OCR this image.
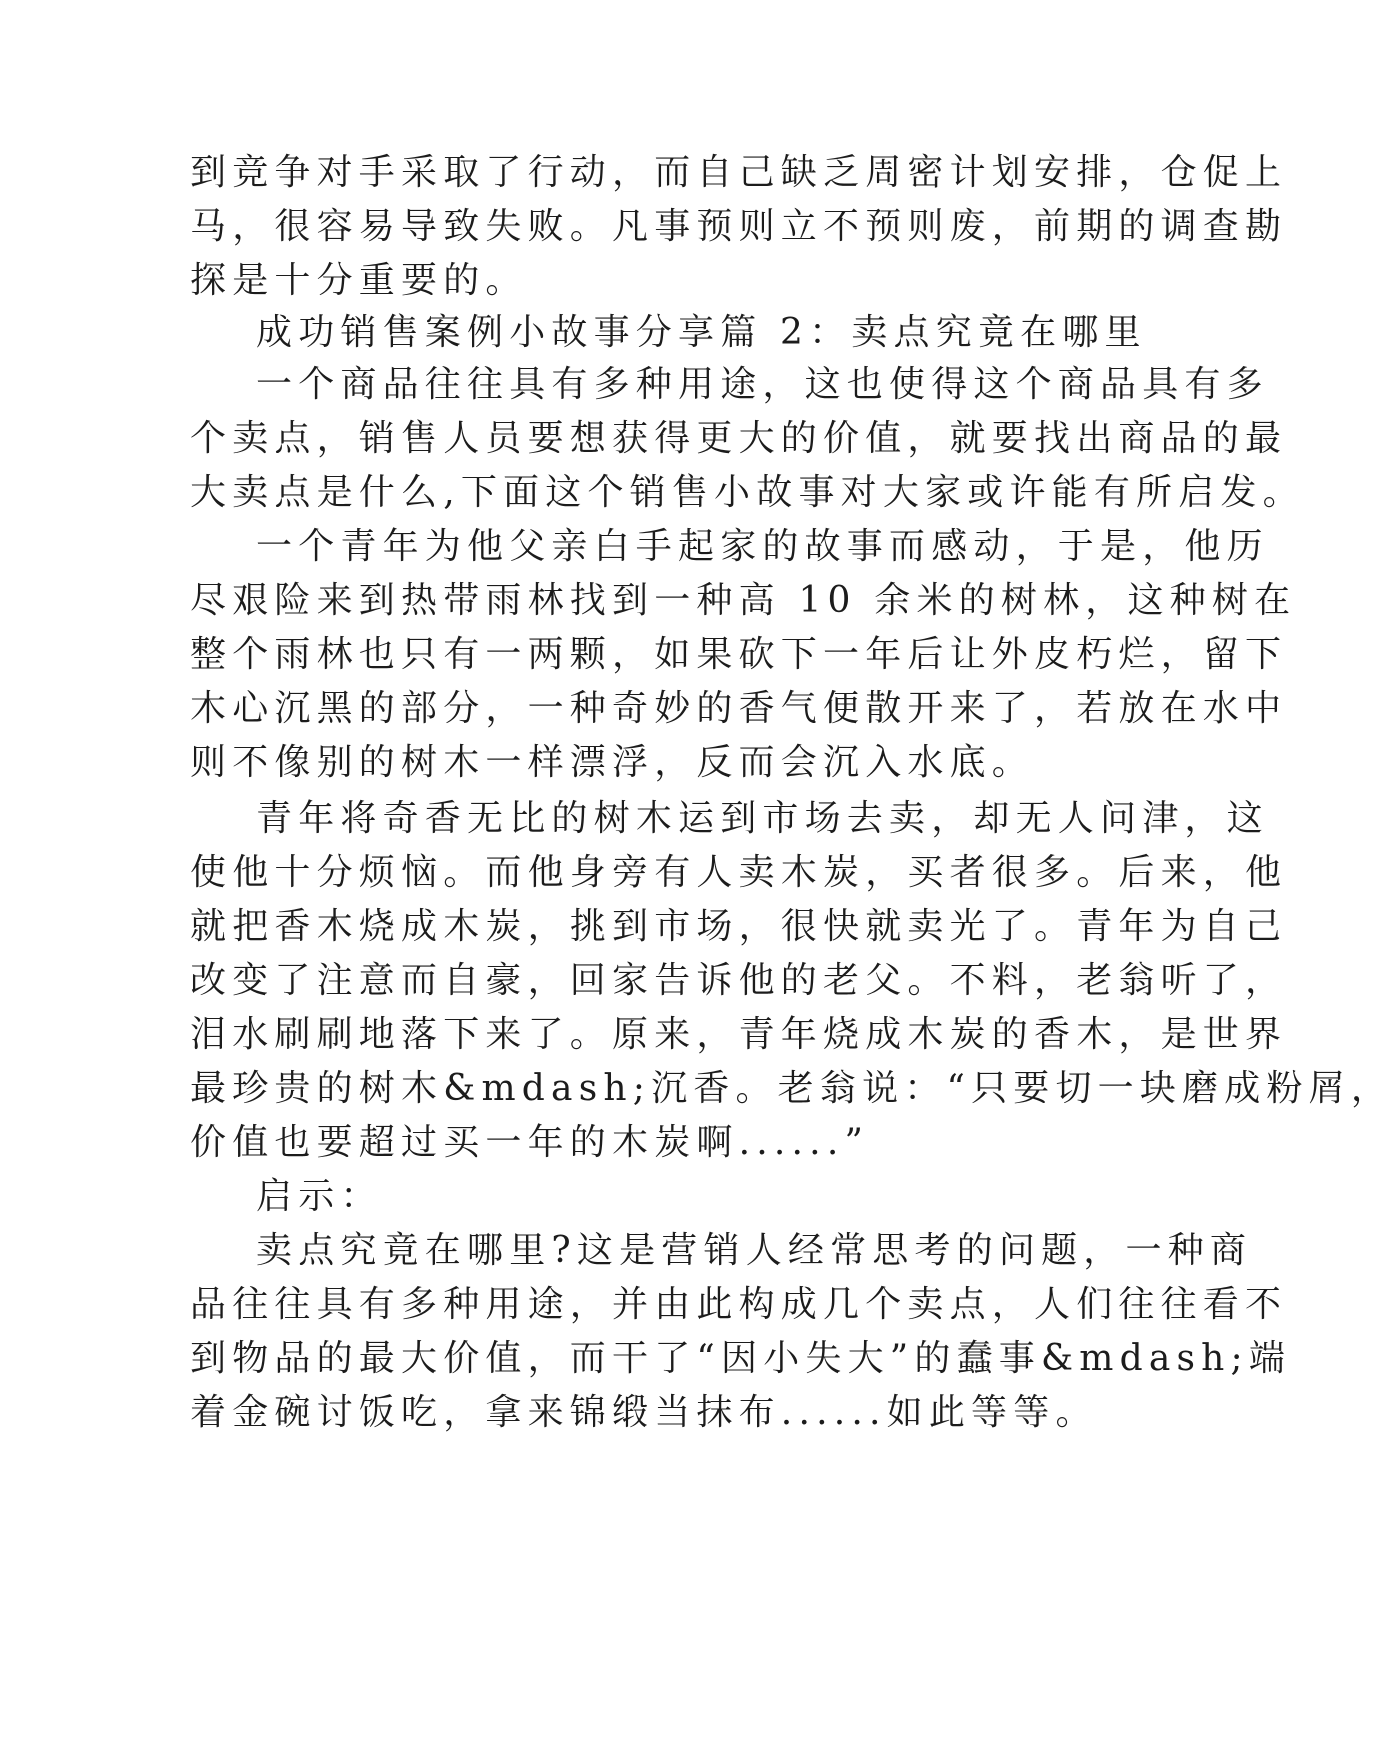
到竞争对手采取了行动，而自己缺乏周密计划安排，仓促上
马，很容易导致失败。凡事预则立不预则废，前期的调查勘
探是十分重要的。
成功销售案例小故事分享篇 2：卖点究竟在哪里
一个商品往往具有多种用途，这也使得这个商品具有多
个卖点，销售人员要想获得更大的价值，就要找出商品的最
大卖点是什么,下面这个销售小故事对大家或许能有所启发。
一个青年为他父亲白手起家的故事而感动，于是，他历
尽艰险来到热带雨林找到一种高 10 余米的树林，这种树在
整个雨林也只有一两颗，如果砍下一年后让外皮朽烂，留下
木心沉黑的部分，一种奇妙的香气便散开来了，若放在水中
则不像别的树木一样漂浮，反而会沉入水底。
青年将奇香无比的树木运到市场去卖，却无人问津，这
使他十分烦恼。而他身旁有人卖木炭，买者很多。后来，他
就把香木烧成木炭，挑到市场，很快就卖光了。青年为自己
改变了注意而自豪，回家告诉他的老父。不料，老翁听了，
泪水刷刷地落下来了。原来，青年烧成木炭的香木，是世界
最珍贵的树木&mdash;沉香。老翁说：“只要切一块磨成粉屑，
价值也要超过买一年的木炭啊......”
启示：
卖点究竟在哪里?这是营销人经常思考的问题，一种商
品往往具有多种用途，并由此构成几个卖点，人们往往看不
到物品的最大价值，而干了“因小失大”的蠢事&mdash;端
着金碗讨饭吃，拿来锦缎当抹布......如此等等。
